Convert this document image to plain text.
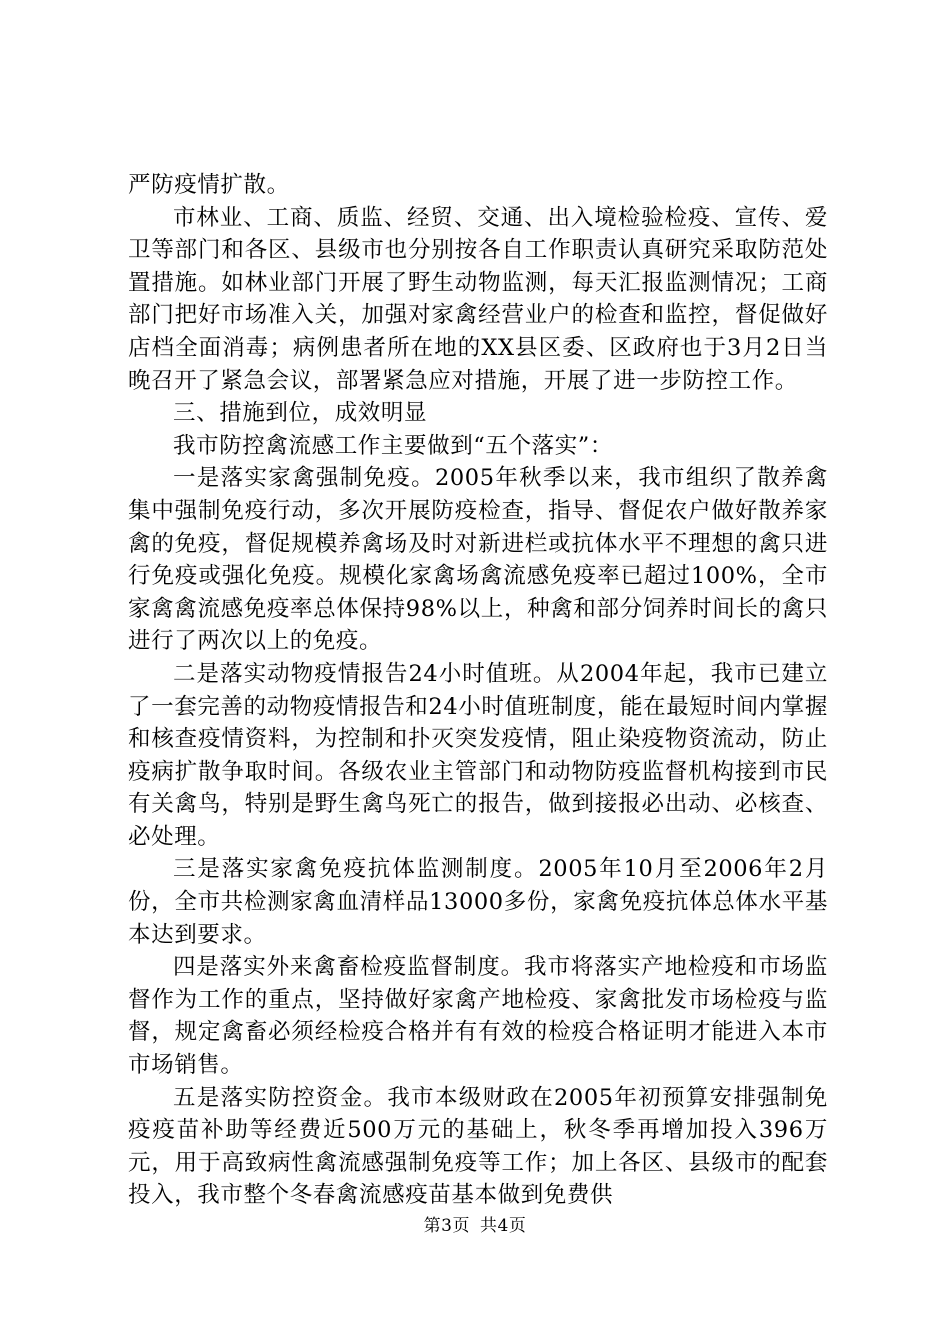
严防疫情扩散。

市林业、工商、质监、经贸、交通、出入境检验检疫、宣传、爱卫等部门和各区、县级市也分别按各自工作职责认真研究采取防范处置措施。如林业部门开展了野生动物监测，每天汇报监测情况；工商部门把好市场准入关，加强对家禽经营业户的检查和监控，督促做好店档全面消毒；病例患者所在地的XX县区委、区政府也于3月2日当晚召开了紧急会议，部署紧急应对措施，开展了进一步防控工作。

三、措施到位，成效明显

我市防控禽流感工作主要做到“五个落实”：

一是落实家禽强制免疫。2005年秋季以来，我市组织了散养禽集中强制免疫行动，多次开展防疫检查，指导、督促农户做好散养家禽的免疫，督促规模养禽场及时对新进栏或抗体水平不理想的禽只进行免疫或强化免疫。规模化家禽场禽流感免疫率已超过100%，全市家禽禽流感免疫率总体保持98%以上，种禽和部分饲养时间长的禽只进行了两次以上的免疫。

二是落实动物疫情报告24小时值班。从2004年起，我市已建立了一套完善的动物疫情报告和24小时值班制度，能在最短时间内掌握和核查疫情资料，为控制和扑灭突发疫情，阻止染疫物资流动，防止疫病扩散争取时间。各级农业主管部门和动物防疫监督机构接到市民有关禽鸟，特别是野生禽鸟死亡的报告，做到接报必出动、必核查、必处理。

三是落实家禽免疫抗体监测制度。2005年10月至2006年2月份，全市共检测家禽血清样品13000多份，家禽免疫抗体总体水平基本达到要求。

四是落实外来禽畜检疫监督制度。我市将落实产地检疫和市场监督作为工作的重点，坚持做好家禽产地检疫、家禽批发市场检疫与监督，规定禽畜必须经检疫合格并有有效的检疫合格证明才能进入本市市场销售。

五是落实防控资金。我市本级财政在2005年初预算安排强制免疫疫苗补助等经费近500万元的基础上，秋冬季再增加投入396万元，用于高致病性禽流感强制免疫等工作；加上各区、县级市的配套投入，我市整个冬春禽流感疫苗基本做到免费供

第3页 共4页
